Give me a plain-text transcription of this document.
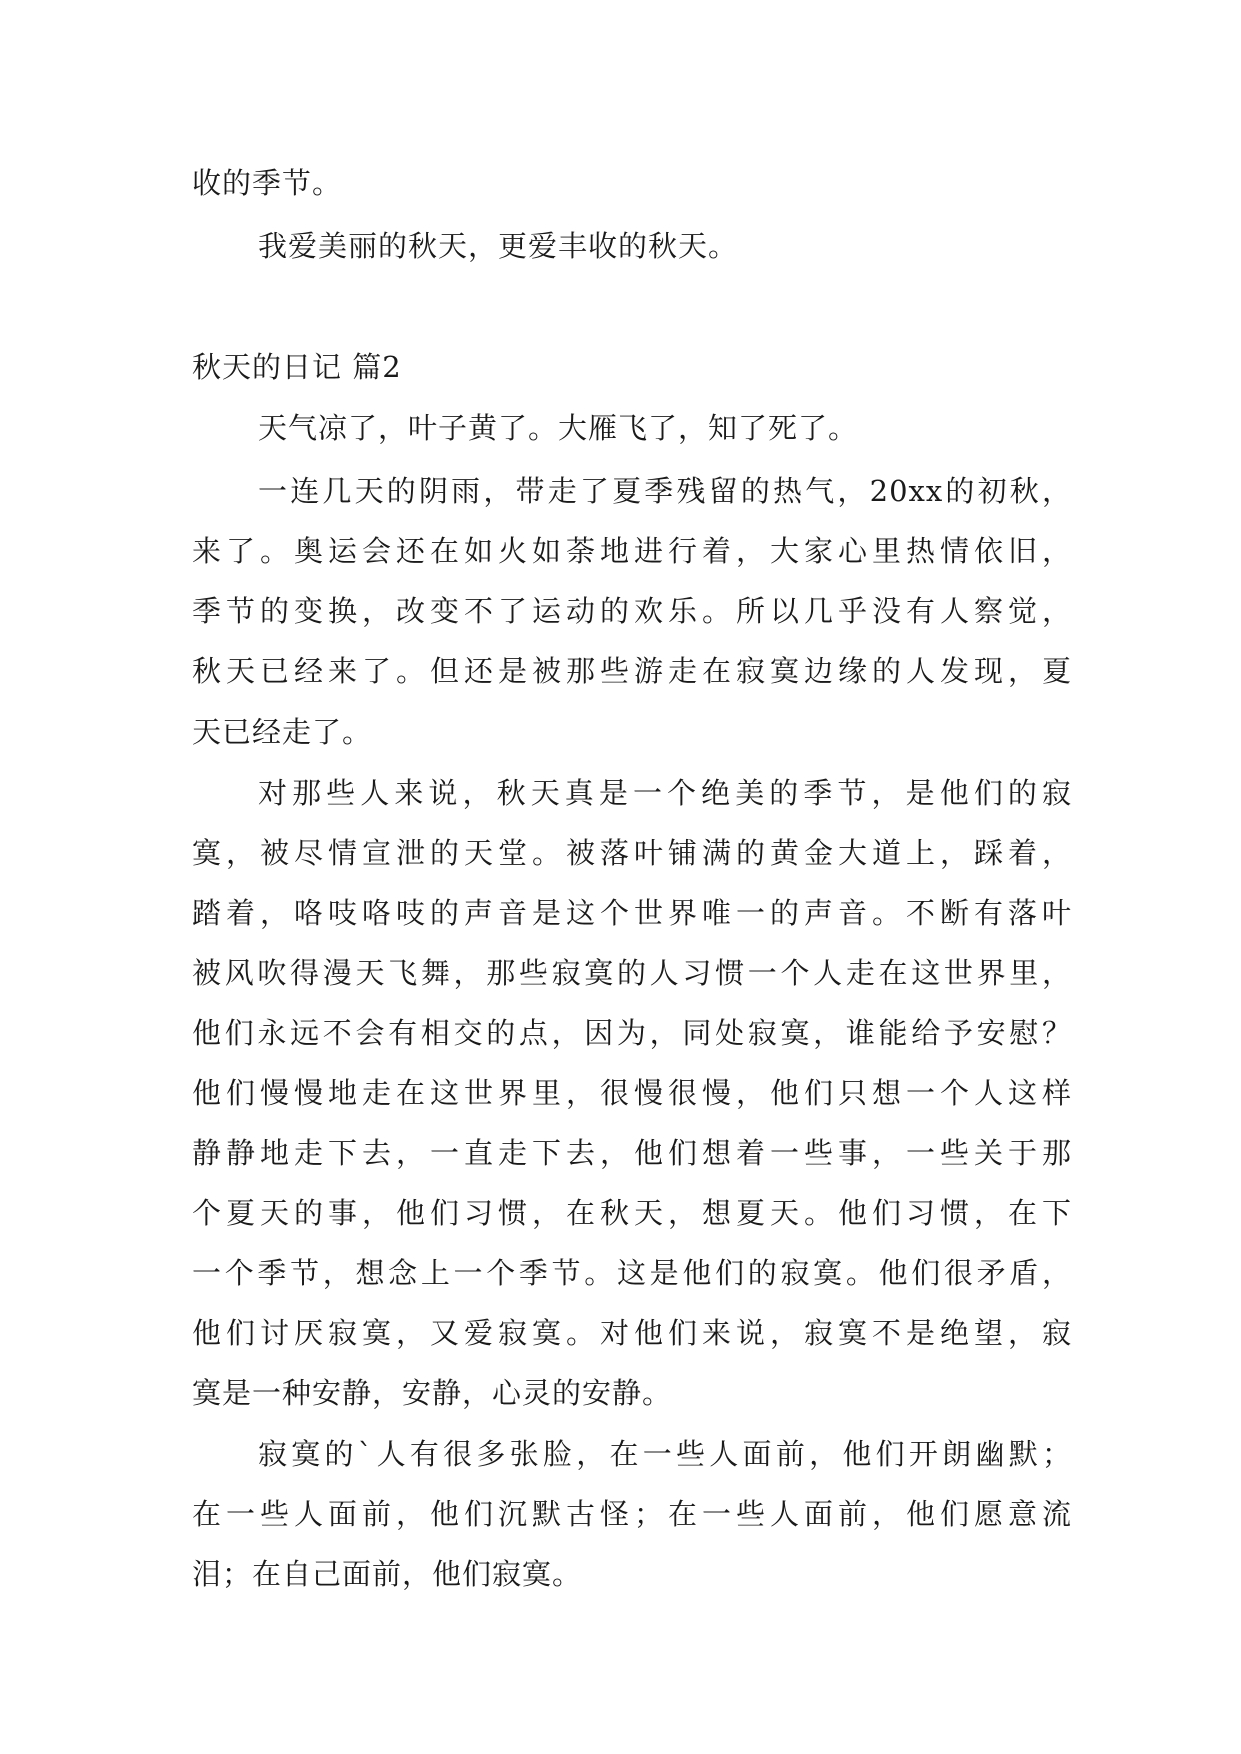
收的季节。
我爱美丽的秋天，更爱丰收的秋天。
秋天的日记 篇2
天气凉了，叶子黄了。大雁飞了，知了死了。
一连几天的阴雨，带走了夏季残留的热气，20xx的初秋，
来了。奥运会还在如火如荼地进行着，大家心里热情依旧，
季节的变换，改变不了运动的欢乐。所以几乎没有人察觉，
秋天已经来了。但还是被那些游走在寂寞边缘的人发现，夏
天已经走了。
对那些人来说，秋天真是一个绝美的季节，是他们的寂
寞，被尽情宣泄的天堂。被落叶铺满的黄金大道上，踩着，
踏着，咯吱咯吱的声音是这个世界唯一的声音。不断有落叶
被风吹得漫天飞舞，那些寂寞的人习惯一个人走在这世界里，
他们永远不会有相交的点，因为，同处寂寞，谁能给予安慰？
他们慢慢地走在这世界里，很慢很慢，他们只想一个人这样
静静地走下去，一直走下去，他们想着一些事，一些关于那
个夏天的事，他们习惯，在秋天，想夏天。他们习惯，在下
一个季节，想念上一个季节。这是他们的寂寞。他们很矛盾，
他们讨厌寂寞，又爱寂寞。对他们来说，寂寞不是绝望，寂
寞是一种安静，安静，心灵的安静。
寂寞的`人有很多张脸，在一些人面前，他们开朗幽默；
在一些人面前，他们沉默古怪；在一些人面前，他们愿意流
泪；在自己面前，他们寂寞。
